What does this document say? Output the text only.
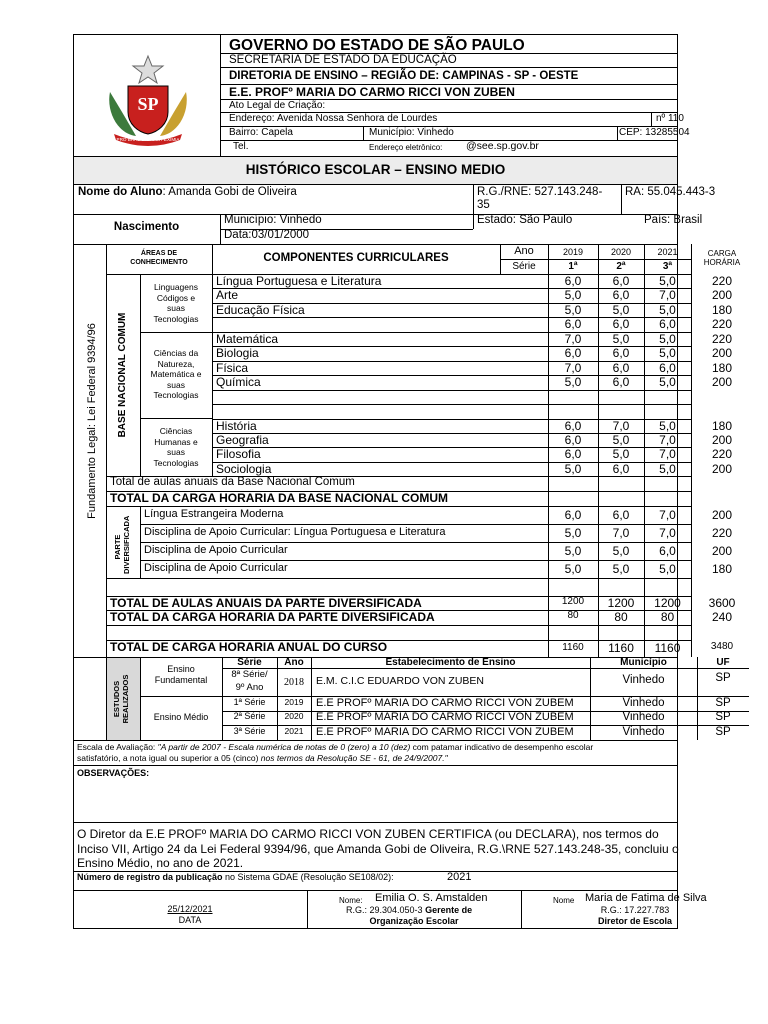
SP
PRO BRASILIA FIANT EXIMIA
GOVERNO DO ESTADO DE SÃO PAULO
SECRETARIA DE ESTADO DA EDUCAÇÃO
DIRETORIA DE ENSINO – REGIÃO DE: CAMPINAS - SP - OESTE
E.E. PROFº MARIA DO CARMO RICCI VON ZUBEN
Ato Legal de Criação:
Endereço: Avenida Nossa Senhora de Lourdes	nº 110
Bairro: Capela	Município: Vinhedo	CEP: 13285504
Tel.	Endereço eletrônico: @see.sp.gov.br
HISTÓRICO ESCOLAR – ENSINO MEDIO
Nome do Aluno: Amanda Gobi de Oliveira	R.G./RNE: 527.143.248-
35
RA: 55.045.443-3
Nascimento
Município: Vinhedo
Data:03/01/2000
Estado: São Paulo	País: Brasil
Fundamento Legal: Lei Federal 9394/96
ÁREAS DE
CONHECIMENTO	COMPONENTES CURRICULARES
Ano
Série
2019	2020	2021
1ª	2ª	3ª
CARGA
HORÁRIA
BASE NACIONAL COMUM
Língua Portuguesa e Literatura	6,0	6,0	5,0	220
Arte	5,0	6,0	7,0	200
Educação Física	5,0	5,0	5,0	180
6,0	6,0	6,0	220
Matemática	7,0	5,0	5,0	220
Biologia	6,0	6,0	5,0	200
Física	7,0	6,0	6,0	180
Química	5,0	6,0	5,0	200
História	6,0	7,0	5,0	180
Geografia	6,0	5,0	7,0	200
Filosofia	6,0	5,0	7,0	220
Sociologia	5,0	6,0	5,0	200
Linguagens
Códigos e
suas
Tecnologias
Ciências da
Natureza,
Matemática e
suas
Tecnologias
Ciências
Humanas e
suas
Tecnologias
Total de aulas anuais da Base Nacional Comum
TOTAL DA CARGA HORARIA DA BASE NACIONAL COMUM
PARTE DIVERSIFICADA
Língua Estrangeira Moderna	6,0	6,0	7,0	200
Disciplina de Apoio Curricular: Língua Portuguesa e Literatura	5,0	7,0	7,0	220
Disciplina de Apoio Curricular	5,0	5,0	6,0	200
Disciplina de Apoio Curricular	5,0	5,0	5,0	180
TOTAL DE AULAS ANUAIS DA PARTE DIVERSIFICADA	1200	1200	1200	3600
TOTAL DA CARGA HORARIA DA PARTE DIVERSIFICADA	80	80	80	240
TOTAL DE CARGA HORARIA ANUAL DO CURSO	1160	1160	1160	3480
ESTUDOS REALIZADOS
Série	Ano	Estabelecimento de Ensino	Município	UF
Ensino
Fundamental	8ª Série/
9º Ano	2018	E.M. C.I.C EDUARDO VON ZUBEN	Vinhedo	SP
Ensino Médio
1ª Série	2019	E.E PROFº MARIA DO CARMO RICCI VON ZUBEM	Vinhedo	SP
2ª Série	2020	E.E PROFº MARIA DO CARMO RICCI VON ZUBEM	Vinhedo	SP
3ª Série	2021	E.E PROFº MARIA DO CARMO RICCI VON ZUBEM	Vinhedo	SP
Escala de Avaliação: "A partir de 2007 - Escala numérica de notas de 0 (zero) a 10 (dez) com patamar indicativo de desempenho escolar
satisfatório, a nota igual ou superior a 05 (cinco) nos termos da Resolução SE - 61, de 24/9/2007."
OBSERVAÇÕES:
O Diretor da E.E PROFº MARIA DO CARMO RICCI VON ZUBEN CERTIFICA (ou DECLARA), nos termos do
Inciso VII, Artigo 24 da Lei Federal 9394/96, que Amanda Gobi de Oliveira, R.G.\RNE 527.143.248-35, concluiu o
Ensino Médio, no ano de 2021.
Número de registro da publicação no Sistema GDAE (Resolução SE108/02):	2021
25/12/2021
DATA
Nome: Emilia O. S. Amstalden
R.G.: 29.304.050-3 Gerente de
Organização Escolar
Nome Maria de Fatima de Silva
R.G.: 17.227.783
Diretor de Escola
